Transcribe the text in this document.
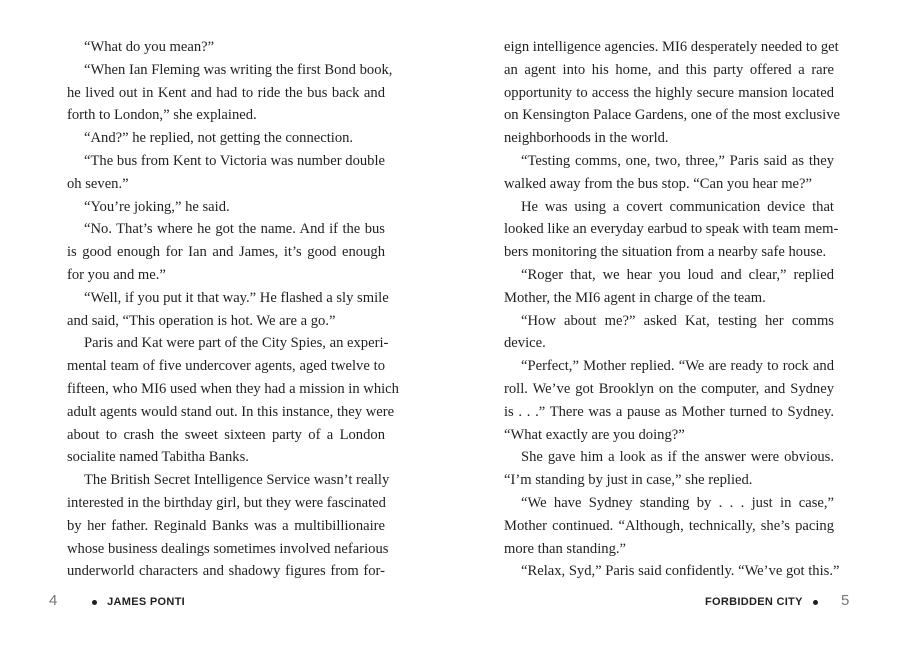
“What do you mean?”
“When Ian Fleming was writing the first Bond book,
he lived out in Kent and had to ride the bus back and
forth to London,” she explained.
“And?” he replied, not getting the connection.
“The bus from Kent to Victoria was number double
oh seven.”
“You’re joking,” he said.
“No. That’s where he got the name. And if the bus
is good enough for Ian and James, it’s good enough
for you and me.”
“Well, if you put it that way.” He flashed a sly smile
and said, “This operation is hot. We are a go.”
Paris and Kat were part of the City Spies, an experi-
mental team of five undercover agents, aged twelve to
fifteen, who MI6 used when they had a mission in which
adult agents would stand out. In this instance, they were
about to crash the sweet sixteen party of a London
socialite named Tabitha Banks.
The British Secret Intelligence Service wasn’t really
interested in the birthday girl, but they were fascinated
by her father. Reginald Banks was a multibillionaire
whose business dealings sometimes involved nefarious
underworld characters and shadowy figures from for-
eign intelligence agencies. MI6 desperately needed to get
an agent into his home, and this party offered a rare
opportunity to access the highly secure mansion located
on Kensington Palace Gardens, one of the most exclusive
neighborhoods in the world.
“Testing comms, one, two, three,” Paris said as they
walked away from the bus stop. “Can you hear me?”
He was using a covert communication device that
looked like an everyday earbud to speak with team mem-
bers monitoring the situation from a nearby safe house.
“Roger that, we hear you loud and clear,” replied
Mother, the MI6 agent in charge of the team.
“How about me?” asked Kat, testing her comms
device.
“Perfect,” Mother replied. “We are ready to rock and
roll. We’ve got Brooklyn on the computer, and Sydney
is . . .” There was a pause as Mother turned to Sydney.
“What exactly are you doing?”
She gave him a look as if the answer were obvious.
“I’m standing by just in case,” she replied.
“We have Sydney standing by . . . just in case,”
Mother continued. “Although, technically, she’s pacing
more than standing.”
“Relax, Syd,” Paris said confidently. “We’ve got this.”
4	JAMES PONTI	FORBIDDEN CITY	5
